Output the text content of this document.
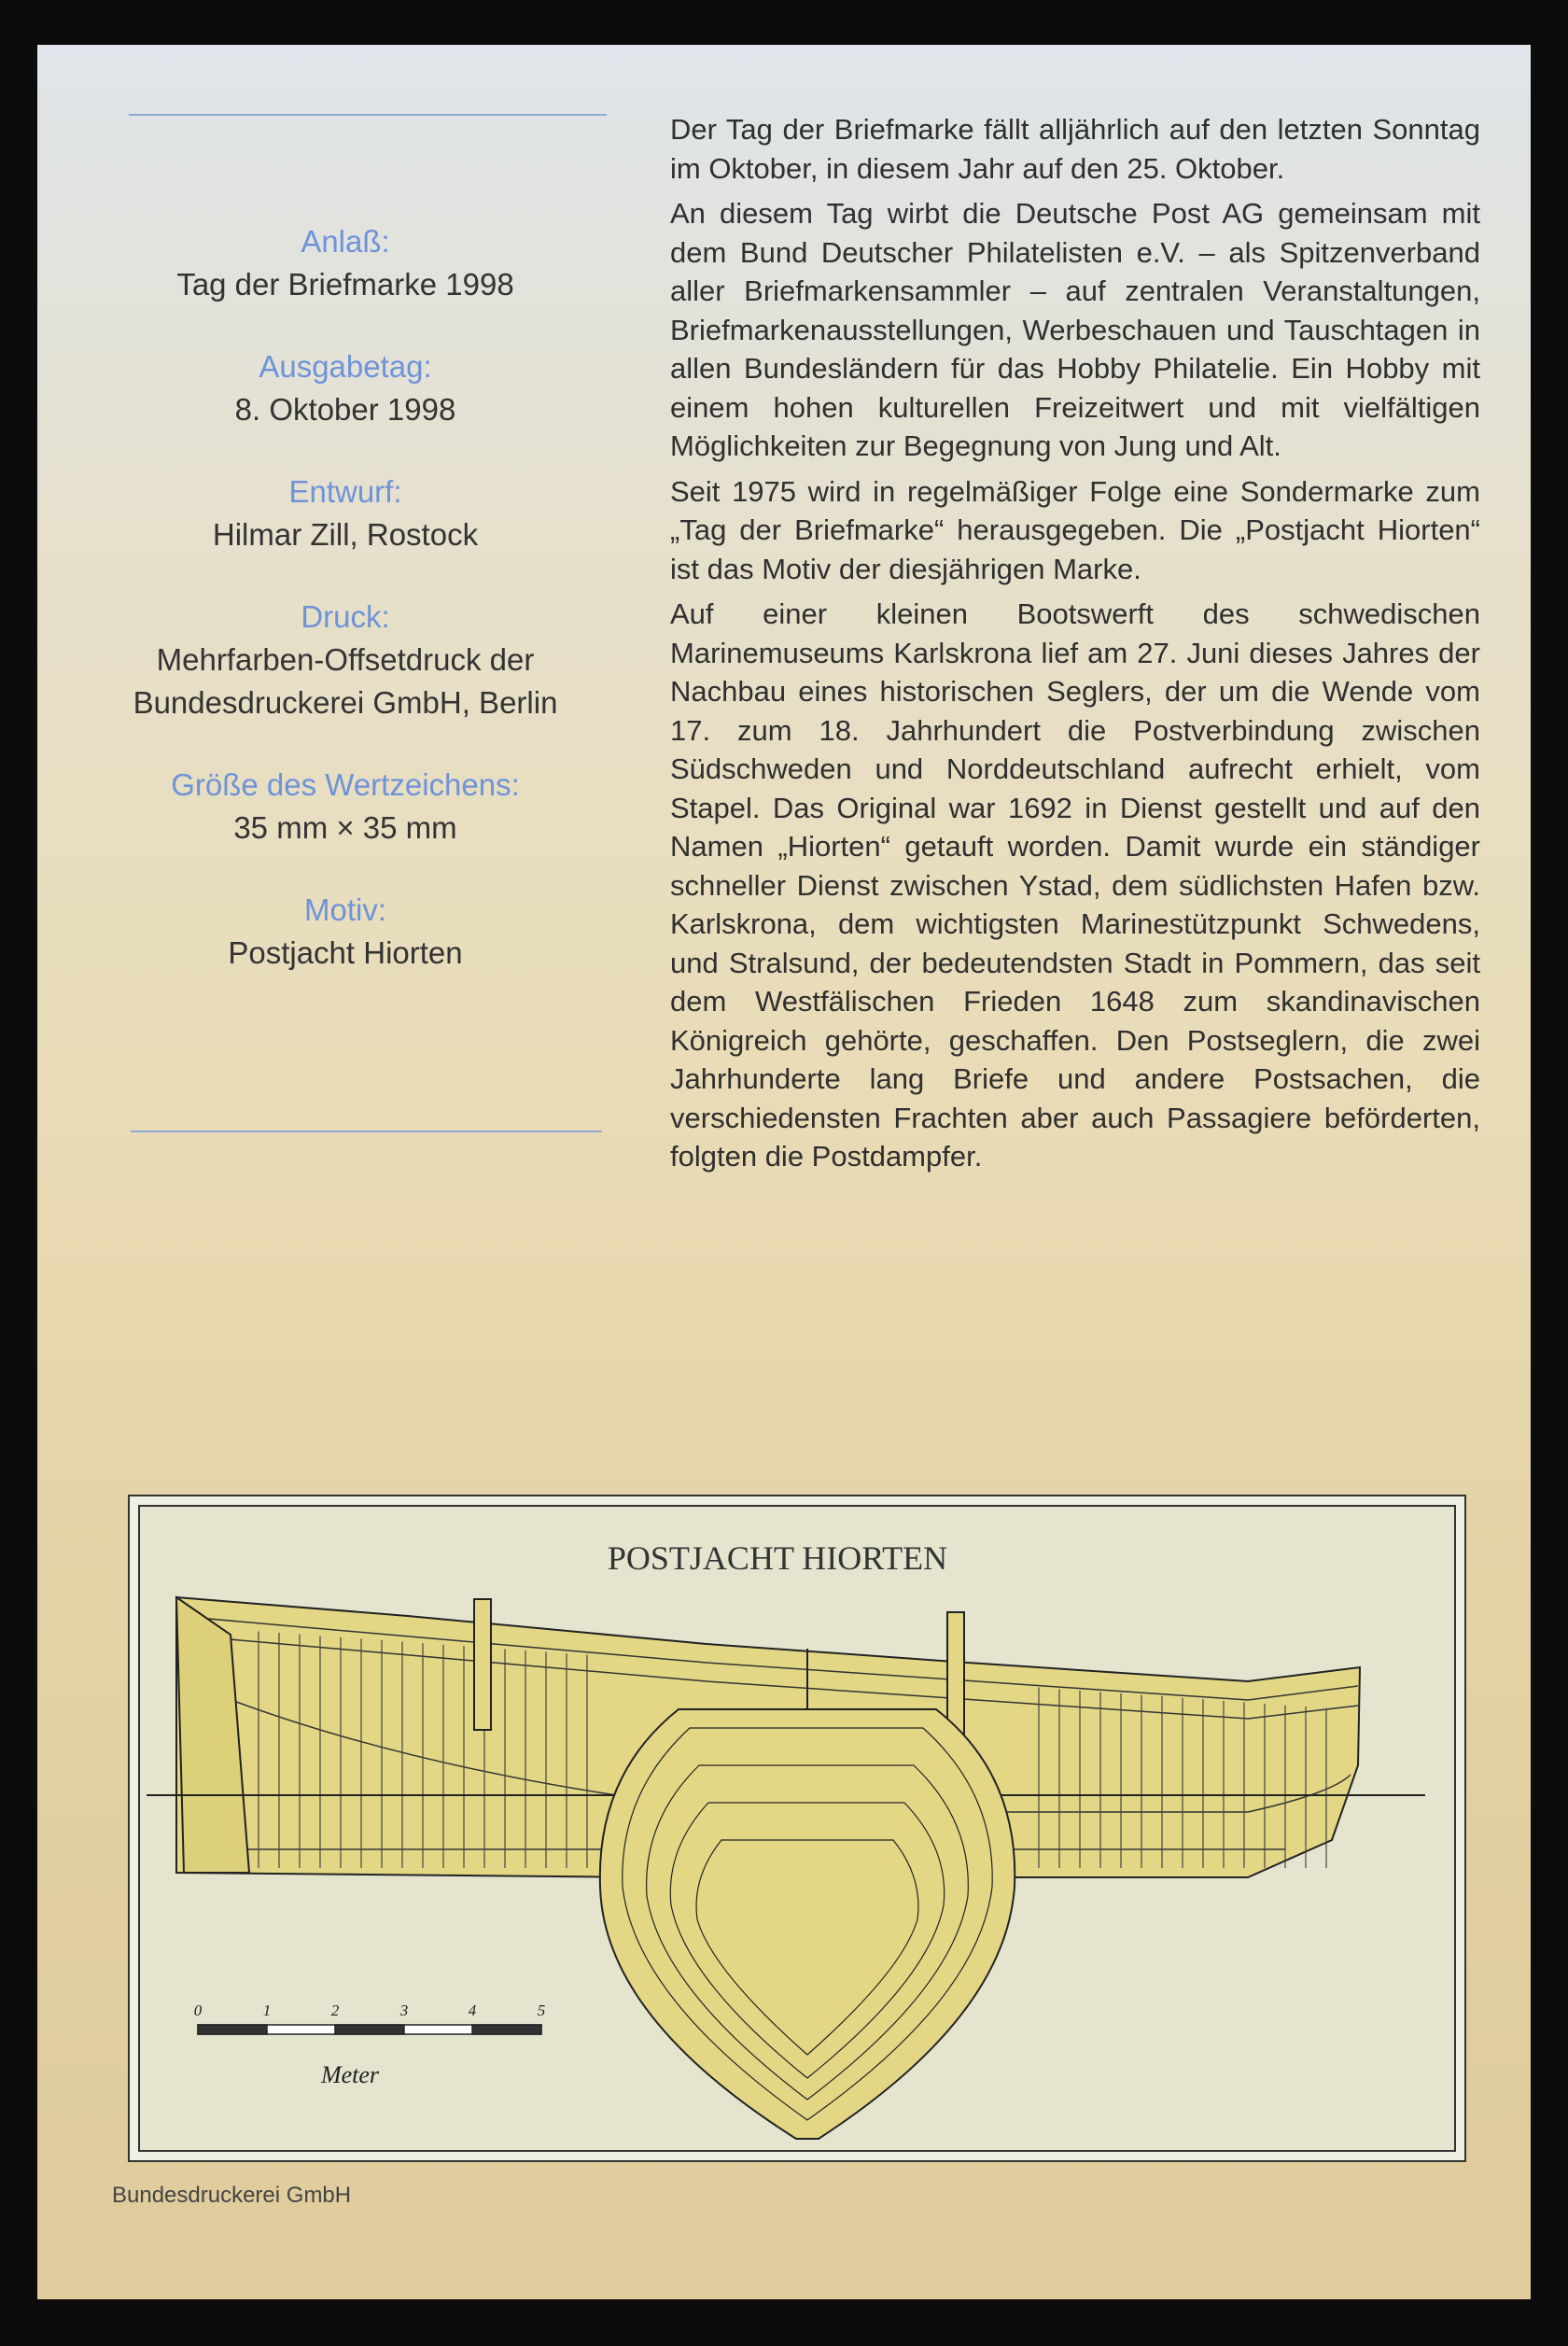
Anlaß:
Tag der Briefmarke 1998
Ausgabetag:
8. Oktober 1998
Entwurf:
Hilmar Zill, Rostock
Druck:
Mehrfarben-Offsetdruck der
Bundesdruckerei GmbH, Berlin
Größe des Wertzeichens:
35 mm × 35 mm
Motiv:
Postjacht Hiorten

Der Tag der Briefmarke fällt alljährlich auf den letzten Sonntag im Oktober, in diesem Jahr auf den 25. Oktober.

An diesem Tag wirbt die Deutsche Post AG gemeinsam mit dem Bund Deutscher Philatelisten e.V. – als Spitzenverband aller Briefmarkensammler – auf zentralen Veranstaltungen, Briefmarkenausstellungen, Werbeschauen und Tauschtagen in allen Bundesländern für das Hobby Philatelie. Ein Hobby mit einem hohen kulturellen Freizeitwert und mit vielfältigen Möglichkeiten zur Begegnung von Jung und Alt.

Seit 1975 wird in regelmäßiger Folge eine Sondermarke zum „Tag der Briefmarke“ herausgegeben. Die „Postjacht Hiorten“ ist das Motiv der diesjährigen Marke.

Auf einer kleinen Bootswerft des schwedischen Marinemuseums Karlskrona lief am 27. Juni dieses Jahres der Nachbau eines historischen Seglers, der um die Wende vom 17. zum 18. Jahrhundert die Postverbindung zwischen Südschweden und Norddeutschland aufrecht erhielt, vom Stapel. Das Original war 1692 in Dienst gestellt und auf den Namen „Hiorten“ getauft worden. Damit wurde ein ständiger schneller Dienst zwischen Ystad, dem südlichsten Hafen bzw. Karlskrona, dem wichtigsten Marinestützpunkt Schwedens, und Stralsund, der bedeutendsten Stadt in Pommern, das seit dem Westfälischen Frieden 1648 zum skandinavischen Königreich gehörte, geschaffen. Den Postseglern, die zwei Jahrhunderte lang Briefe und andere Postsachen, die verschiedensten Frachten aber auch Passagiere beförderten, folgten die Postdampfer.

POSTJACHT HIORTEN
0	1	2	3	4	5
Meter
Bundesdruckerei GmbH
